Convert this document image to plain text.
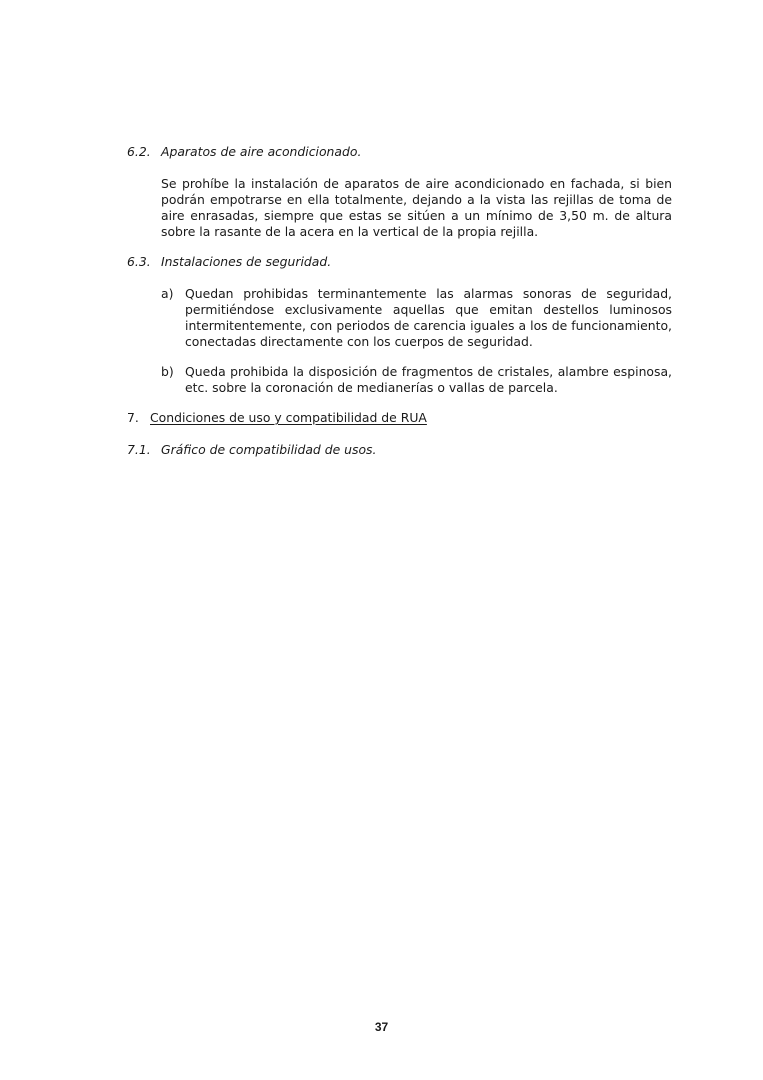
6.2. Aparatos de aire acondicionado.
Se prohíbe la instalación de aparatos de aire acondicionado en fachada, si bien podrán empotrarse en ella totalmente, dejando a la vista las rejillas de toma de aire enrasadas, siempre que estas se sitúen a un mínimo de 3,50 m. de altura sobre la rasante de la acera en la vertical de la propia rejilla.
6.3. Instalaciones de seguridad.
a) Quedan prohibidas terminantemente las alarmas sonoras de seguridad, permitiéndose exclusivamente aquellas que emitan destellos luminosos intermitentemente, con periodos de carencia iguales a los de funcionamiento, conectadas directamente con los cuerpos de seguridad.
b) Queda prohibida la disposición de fragmentos de cristales, alambre espinosa, etc. sobre la coronación de medianerías o vallas de parcela.
7. Condiciones de uso y compatibilidad de RUA
7.1. Gráfico de compatibilidad de usos.
37
